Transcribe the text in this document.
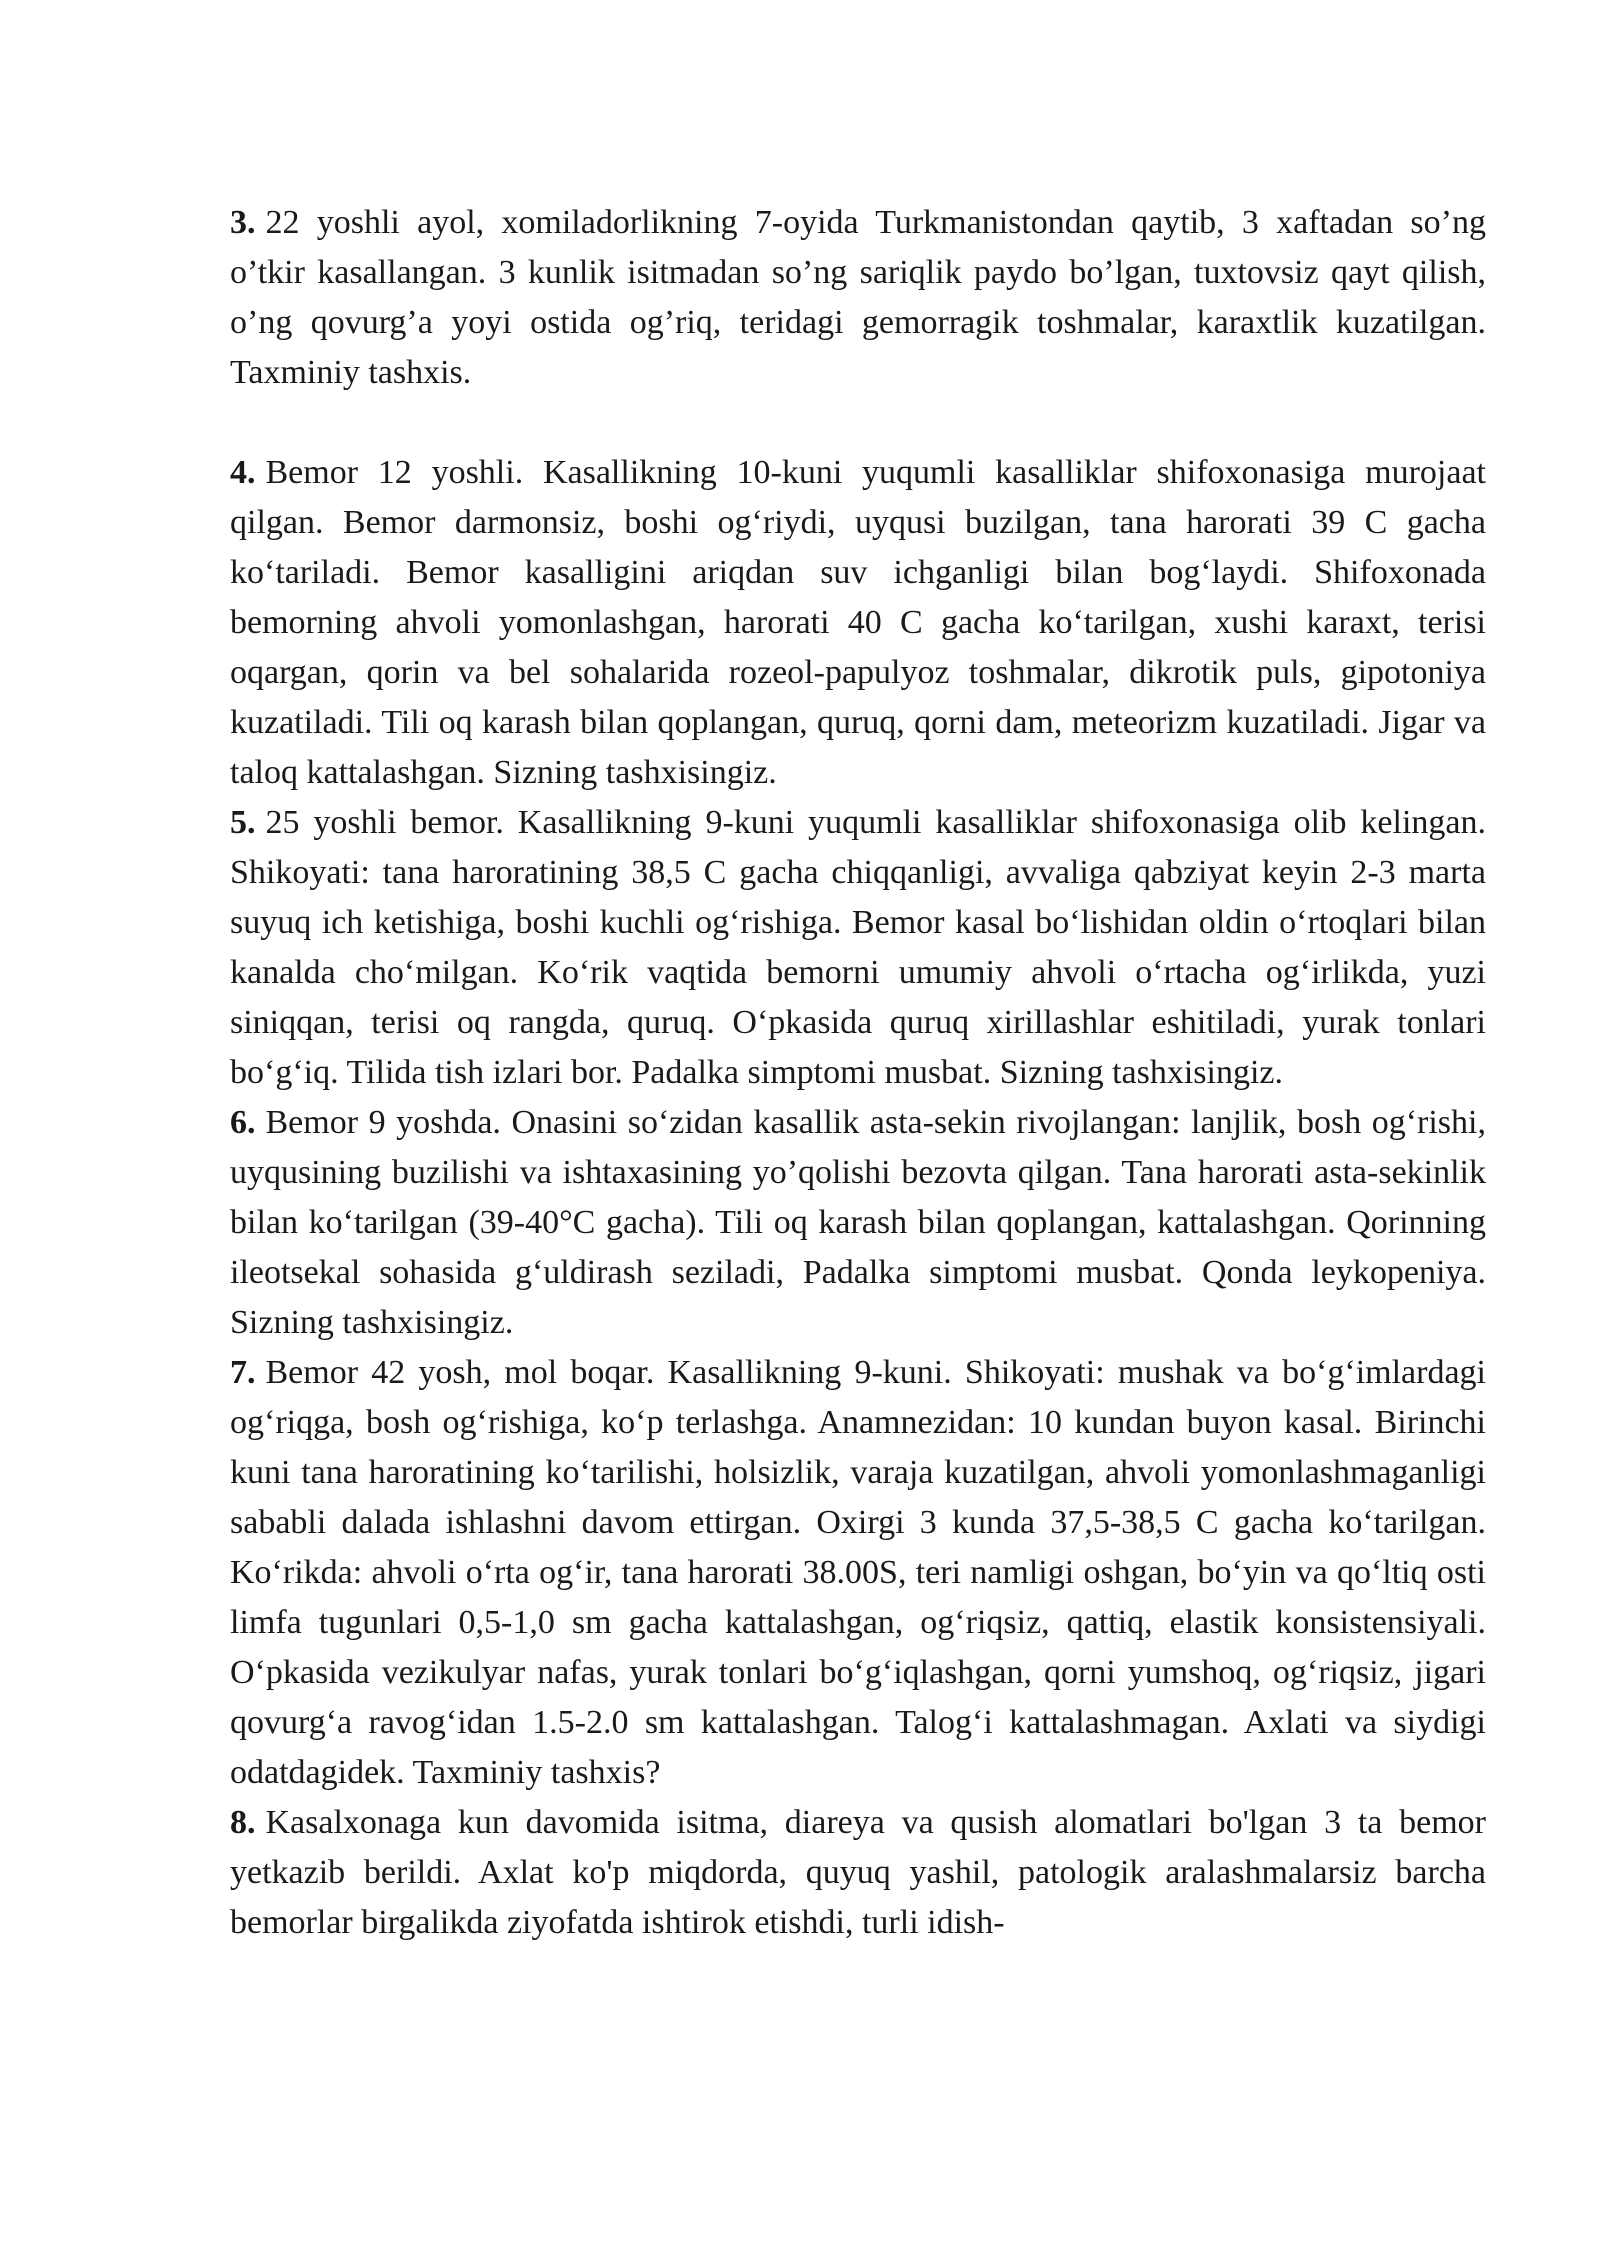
3. 22 yoshli ayol, xomiladorlikning 7-oyida Turkmanistondan qaytib, 3 xaftadan so’ng o’tkir kasallangan. 3 kunlik isitmadan so’ng sariqlik paydo bo’lgan, tuxtovsiz qayt qilish, o’ng qovurg’a yoyi ostida og’riq, teridagi gemorragik toshmalar, karaxtlik kuzatilgan. Taxminiy tashxis.

4. Bemor 12 yoshli. Kasallikning 10-kuni yuqumli kasalliklar shifoxonasiga murojaat qilgan. Bemor darmonsiz, boshi og‘riydi, uyqusi buzilgan, tana harorati 39 C gacha ko‘tariladi. Bemor kasalligini ariqdan suv ichganligi bilan bog‘laydi. Shifoxonada bemorning ahvoli yomonlashgan, harorati 40 C gacha ko‘tarilgan, xushi karaxt, terisi oqargan, qorin va bel sohalarida rozeol-papulyoz toshmalar, dikrotik puls, gipotoniya kuzatiladi. Tili oq karash bilan qoplangan, quruq, qorni dam, meteorizm kuzatiladi. Jigar va taloq kattalashgan. Sizning tashxisingiz.

5. 25 yoshli bemor. Kasallikning 9-kuni yuqumli kasalliklar shifoxonasiga olib kelingan. Shikoyati: tana haroratining 38,5 C gacha chiqqanligi, avvaliga qabziyat keyin 2-3 marta suyuq ich ketishiga, boshi kuchli og‘rishiga. Bemor kasal bo‘lishidan oldin o‘rtoqlari bilan kanalda cho‘milgan. Ko‘rik vaqtida bemorni umumiy ahvoli o‘rtacha og‘irlikda, yuzi siniqqan, terisi oq rangda, quruq. O‘pkasida quruq xirillashlar eshitiladi, yurak tonlari bo‘g‘iq. Tilida tish izlari bor. Padalka simptomi musbat. Sizning tashxisingiz.

6. Bemor 9 yoshda. Onasini so‘zidan kasallik asta-sekin rivojlangan: lanjlik, bosh og‘rishi, uyqusining buzilishi va ishtaxasining yo’qolishi bezovta qilgan. Tana harorati asta-sekinlik bilan ko‘tarilgan (39-40°C gacha). Tili oq karash bilan qoplangan, kattalashgan. Qorinning ileotsekal sohasida g‘uldirash seziladi, Padalka simptomi musbat. Qonda leykopeniya. Sizning tashxisingiz.

7. Bemor 42 yosh, mol boqar. Kasallikning 9-kuni. Shikoyati: mushak va bo‘g‘imlardagi og‘riqga, bosh og‘rishiga, ko‘p terlashga. Anamnezidan: 10 kundan buyon kasal. Birinchi kuni tana haroratining ko‘tarilishi, holsizlik, varaja kuzatilgan, ahvoli yomonlashmaganligi sababli dalada ishlashni davom ettirgan. Oxirgi 3 kunda 37,5-38,5 C gacha ko‘tarilgan. Ko‘rikda: ahvoli o‘rta og‘ir, tana harorati 38.00S, teri namligi oshgan, bo‘yin va qo‘ltiq osti limfa tugunlari 0,5-1,0 sm gacha kattalashgan, og‘riqsiz, qattiq, elastik konsistensiyali. O‘pkasida vezikulyar nafas, yurak tonlari bo‘g‘iqlashgan, qorni yumshoq, og‘riqsiz, jigari qovurg‘a ravog‘idan 1.5-2.0 sm kattalashgan. Talog‘i kattalashmagan. Axlati va siydigi odatdagidek. Taxminiy tashxis?

8. Kasalxonaga kun davomida isitma, diareya va qusish alomatlari bo'lgan 3 ta bemor yetkazib berildi. Axlat ko'p miqdorda, quyuq yashil, patologik aralashmalarsiz barcha bemorlar birgalikda ziyofatda ishtirok etishdi, turli idish-
